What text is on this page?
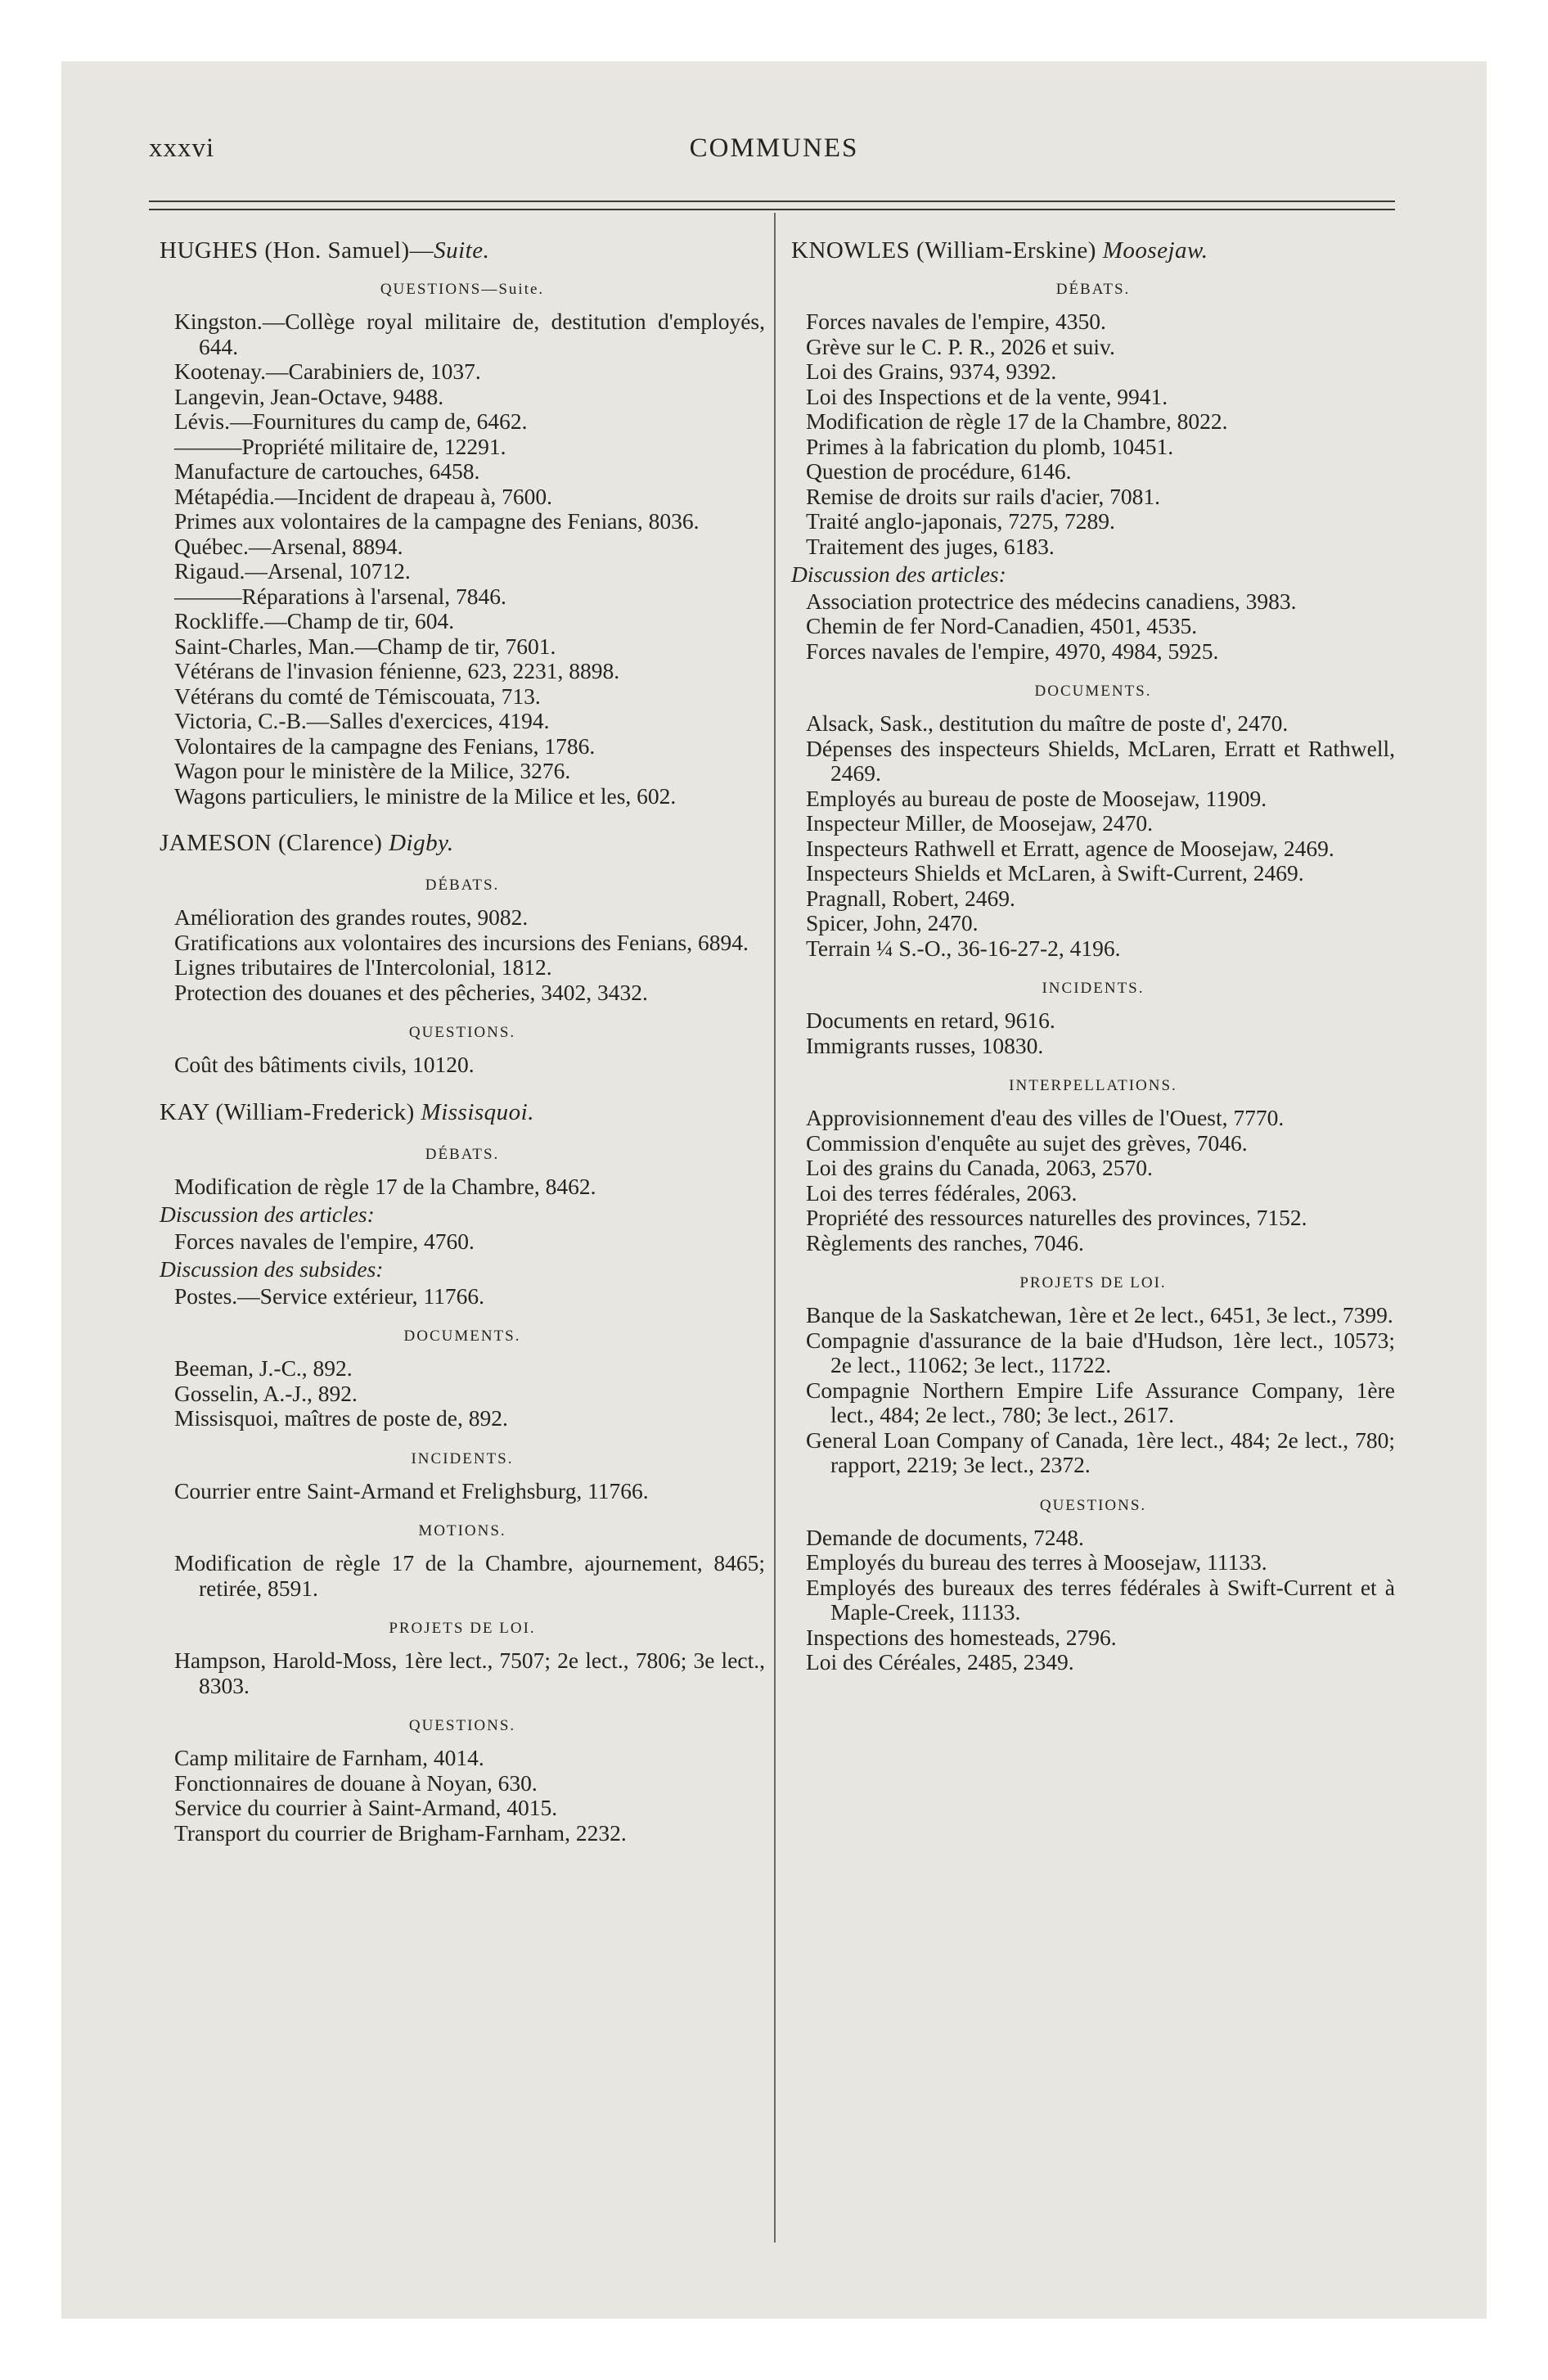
xxxvi	COMMUNES

HUGHES (Hon. Samuel)—Suite.

QUESTIONS—Suite.

Kingston.—Collège royal militaire de, destitution d'employés, 644.

Kootenay.—Carabiniers de, 1037.

Langevin, Jean-Octave, 9488.

Lévis.—Fournitures du camp de, 6462.

———Propriété militaire de, 12291.

Manufacture de cartouches, 6458.

Métapédia.—Incident de drapeau à, 7600.

Primes aux volontaires de la campagne des Fenians, 8036.

Québec.—Arsenal, 8894.

Rigaud.—Arsenal, 10712.

———Réparations à l'arsenal, 7846.

Rockliffe.—Champ de tir, 604.

Saint-Charles, Man.—Champ de tir, 7601.

Vétérans de l'invasion fénienne, 623, 2231, 8898.

Vétérans du comté de Témiscouata, 713.

Victoria, C.-B.—Salles d'exercices, 4194.

Volontaires de la campagne des Fenians, 1786.

Wagon pour le ministère de la Milice, 3276.

Wagons particuliers, le ministre de la Milice et les, 602.

JAMESON (Clarence) Digby.

DÉBATS.

Amélioration des grandes routes, 9082.

Gratifications aux volontaires des incursions des Fenians, 6894.

Lignes tributaires de l'Intercolonial, 1812.

Protection des douanes et des pêcheries, 3402, 3432.

QUESTIONS.

Coût des bâtiments civils, 10120.

KAY (William-Frederick) Missisquoi.

DÉBATS.

Modification de règle 17 de la Chambre, 8462.

Discussion des articles:

Forces navales de l'empire, 4760.

Discussion des subsides:

Postes.—Service extérieur, 11766.

DOCUMENTS.

Beeman, J.-C., 892.

Gosselin, A.-J., 892.

Missisquoi, maîtres de poste de, 892.

INCIDENTS.

Courrier entre Saint-Armand et Frelighsburg, 11766.

MOTIONS.

Modification de règle 17 de la Chambre, ajournement, 8465; retirée, 8591.

PROJETS DE LOI.

Hampson, Harold-Moss, 1ère lect., 7507; 2e lect., 7806; 3e lect., 8303.

QUESTIONS.

Camp militaire de Farnham, 4014.

Fonctionnaires de douane à Noyan, 630.

Service du courrier à Saint-Armand, 4015.

Transport du courrier de Brigham-Farnham, 2232.

KNOWLES (William-Erskine) Moosejaw.

DÉBATS.

Forces navales de l'empire, 4350.

Grève sur le C. P. R., 2026 et suiv.

Loi des Grains, 9374, 9392.

Loi des Inspections et de la vente, 9941.

Modification de règle 17 de la Chambre, 8022.

Primes à la fabrication du plomb, 10451.

Question de procédure, 6146.

Remise de droits sur rails d'acier, 7081.

Traité anglo-japonais, 7275, 7289.

Traitement des juges, 6183.

Discussion des articles:

Association protectrice des médecins canadiens, 3983.

Chemin de fer Nord-Canadien, 4501, 4535.

Forces navales de l'empire, 4970, 4984, 5925.

DOCUMENTS.

Alsack, Sask., destitution du maître de poste d', 2470.

Dépenses des inspecteurs Shields, McLaren, Erratt et Rathwell, 2469.

Employés au bureau de poste de Moosejaw, 11909.

Inspecteur Miller, de Moosejaw, 2470.

Inspecteurs Rathwell et Erratt, agence de Moosejaw, 2469.

Inspecteurs Shields et McLaren, à Swift-Current, 2469.

Pragnall, Robert, 2469.

Spicer, John, 2470.

Terrain ¼ S.-O., 36-16-27-2, 4196.

INCIDENTS.

Documents en retard, 9616.

Immigrants russes, 10830.

INTERPELLATIONS.

Approvisionnement d'eau des villes de l'Ouest, 7770.

Commission d'enquête au sujet des grèves, 7046.

Loi des grains du Canada, 2063, 2570.

Loi des terres fédérales, 2063.

Propriété des ressources naturelles des provinces, 7152.

Règlements des ranches, 7046.

PROJETS DE LOI.

Banque de la Saskatchewan, 1ère et 2e lect., 6451, 3e lect., 7399.

Compagnie d'assurance de la baie d'Hudson, 1ère lect., 10573; 2e lect., 11062; 3e lect., 11722.

Compagnie Northern Empire Life Assurance Company, 1ère lect., 484; 2e lect., 780; 3e lect., 2617.

General Loan Company of Canada, 1ère lect., 484; 2e lect., 780; rapport, 2219; 3e lect., 2372.

QUESTIONS.

Demande de documents, 7248.

Employés du bureau des terres à Moosejaw, 11133.

Employés des bureaux des terres fédérales à Swift-Current et à Maple-Creek, 11133.

Inspections des homesteads, 2796.

Loi des Céréales, 2485, 2349.
